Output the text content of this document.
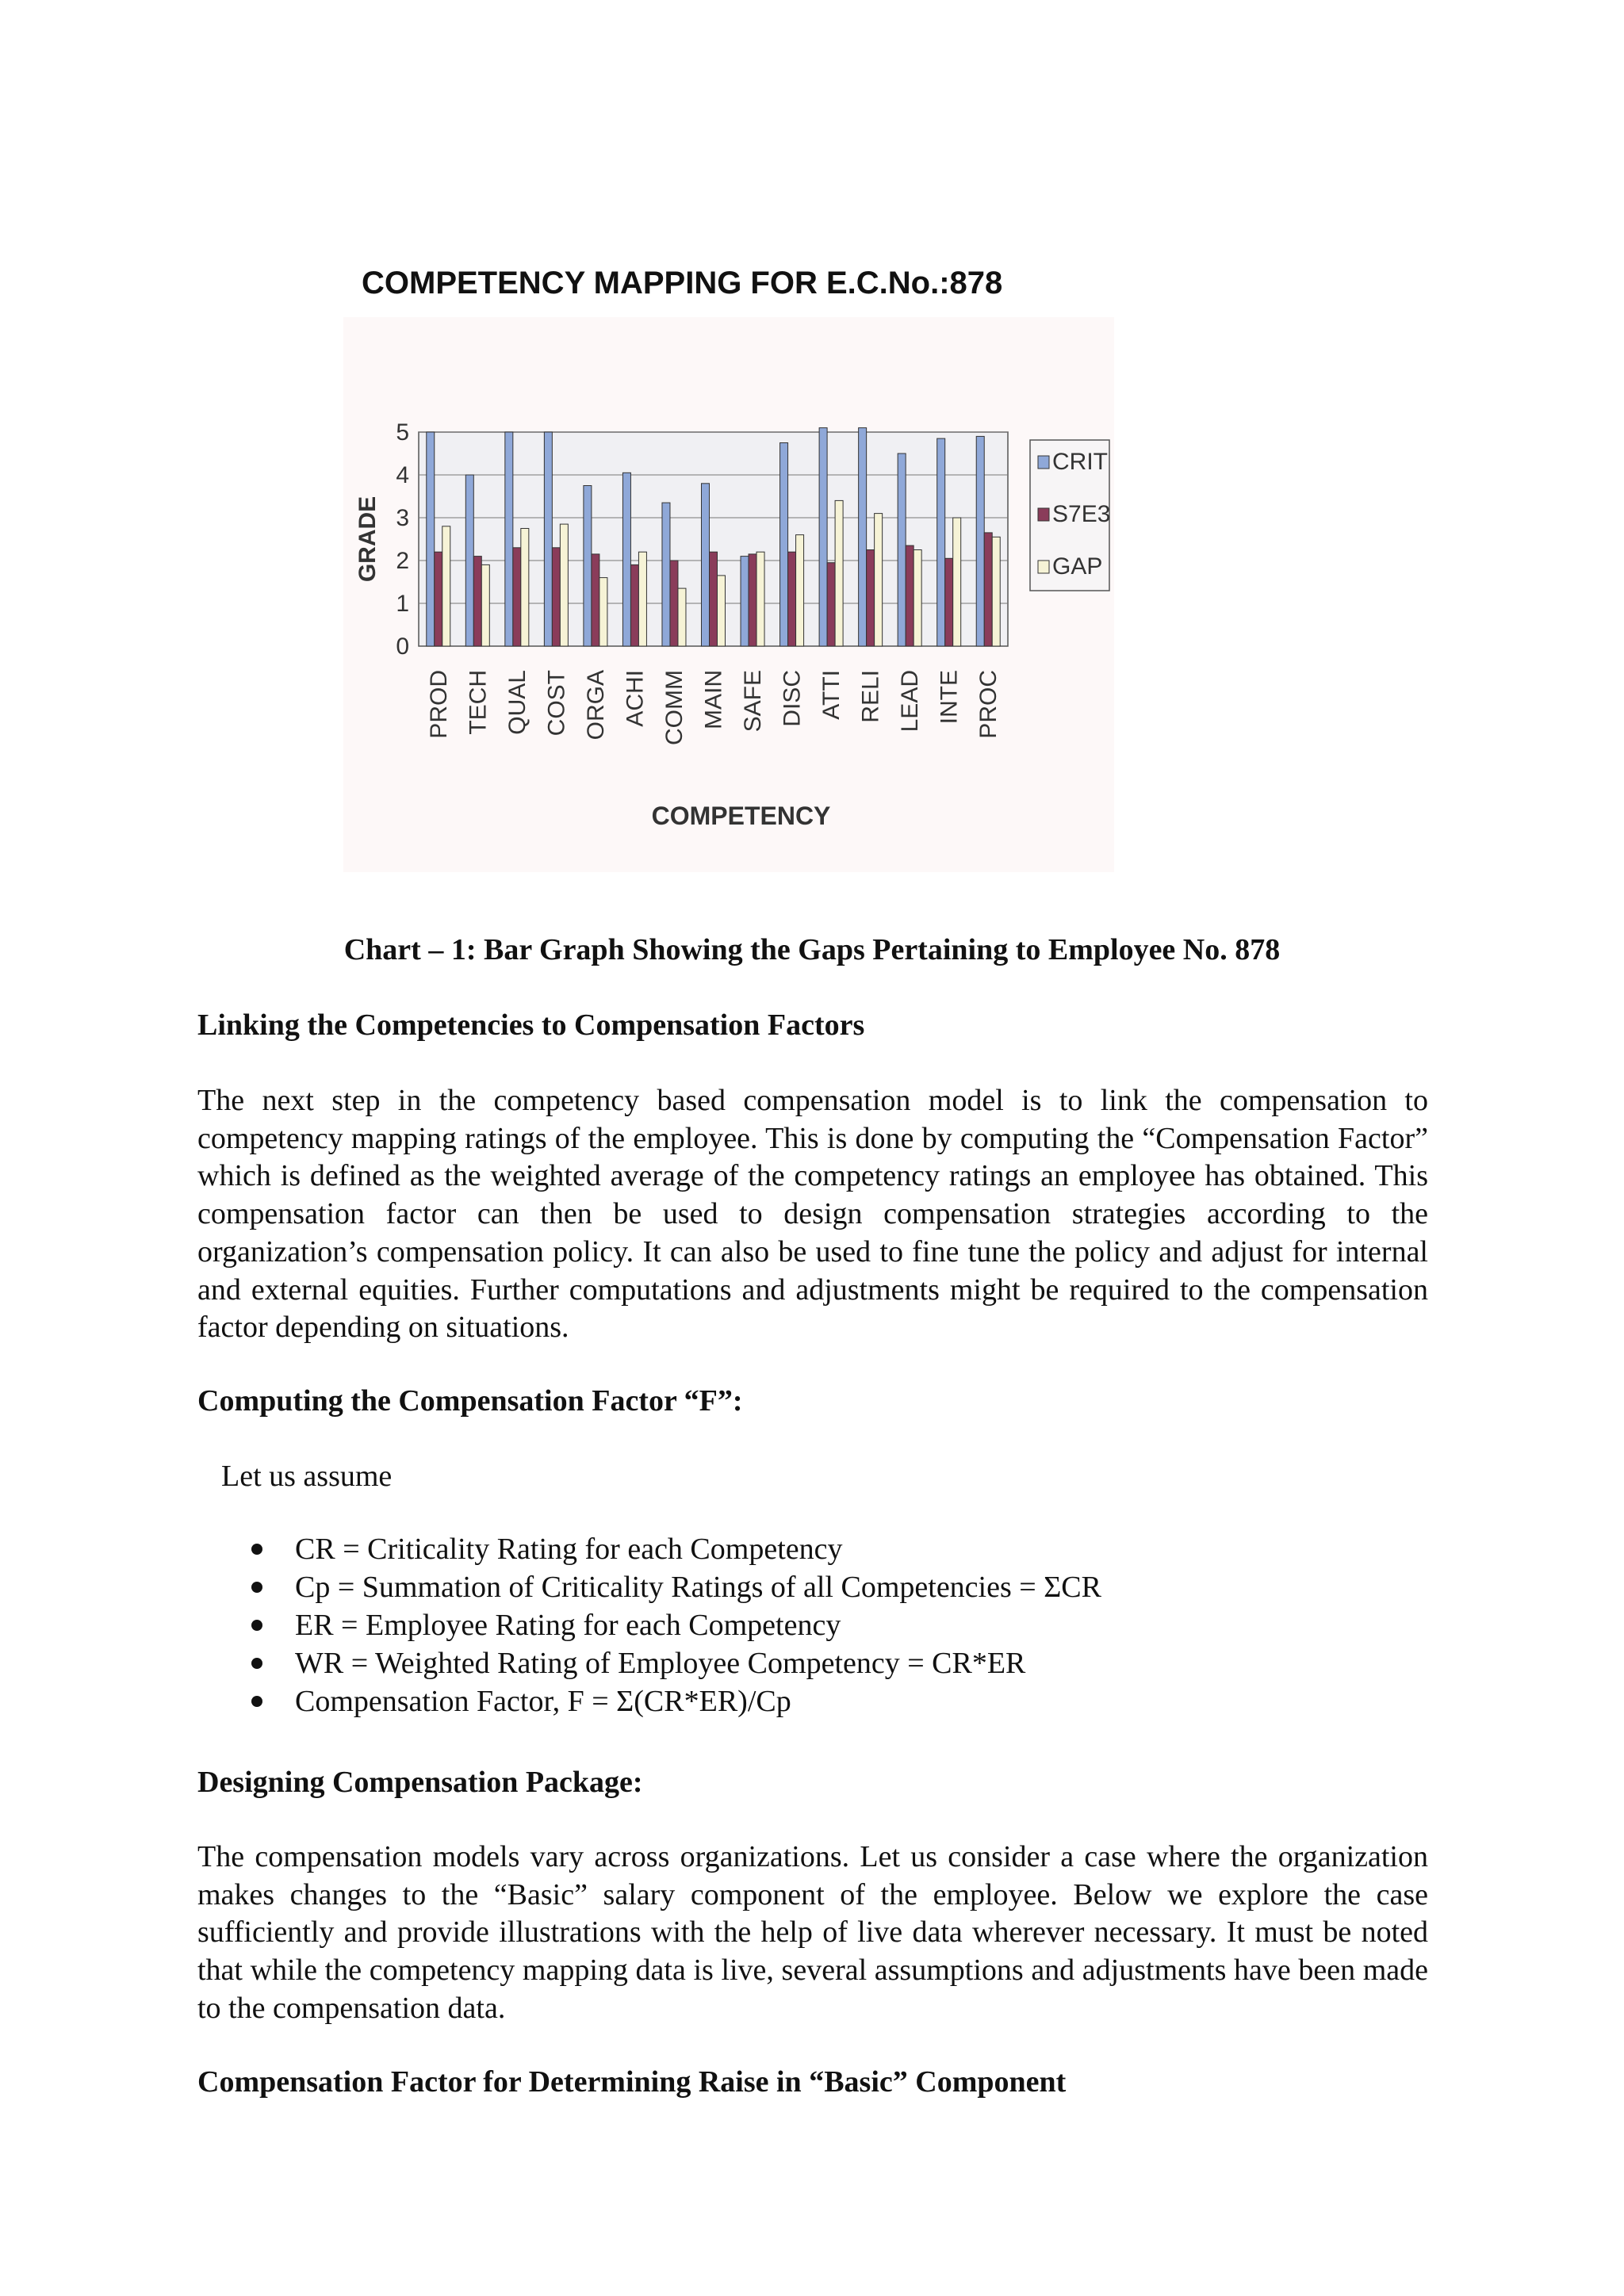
COMPETENCY MAPPING FOR E.C.No.:878
0
1
2
3
4
5
GRADE
PROD TECH QUAL COST ORGA ACHI COMM MAIN SAFE DISC ATTI RELI LEAD INTE PROC
COMPETENCY
CRIT
S7E3
GAP
Chart – 1: Bar Graph Showing the Gaps Pertaining to Employee No. 878
Linking the Competencies to Compensation Factors
The next step in the competency based compensation model is to link the compensation to competency mapping ratings of the employee. This is done by computing the “Compensation Factor” which is defined as the weighted average of the competency ratings an employee has obtained. This compensation factor can then be used to design compensation strategies according to the organization’s compensation policy. It can also be used to fine tune the policy and adjust for internal and external equities. Further computations and adjustments might be required to the compensation factor depending on situations.
Computing the Compensation Factor “F”:
Let us assume
CR = Criticality Rating for each Competency
Cp = Summation of Criticality Ratings of all Competencies = ΣCR
ER = Employee Rating for each Competency
WR = Weighted Rating of Employee Competency = CR*ER
Compensation Factor, F = Σ(CR*ER)/Cp
Designing Compensation Package:
The compensation models vary across organizations. Let us consider a case where the organization makes changes to the “Basic” salary component of the employee. Below we explore the case sufficiently and provide illustrations with the help of live data wherever necessary. It must be noted that while the competency mapping data is live, several assumptions and adjustments have been made to the compensation data.
Compensation Factor for Determining Raise in “Basic” Component
